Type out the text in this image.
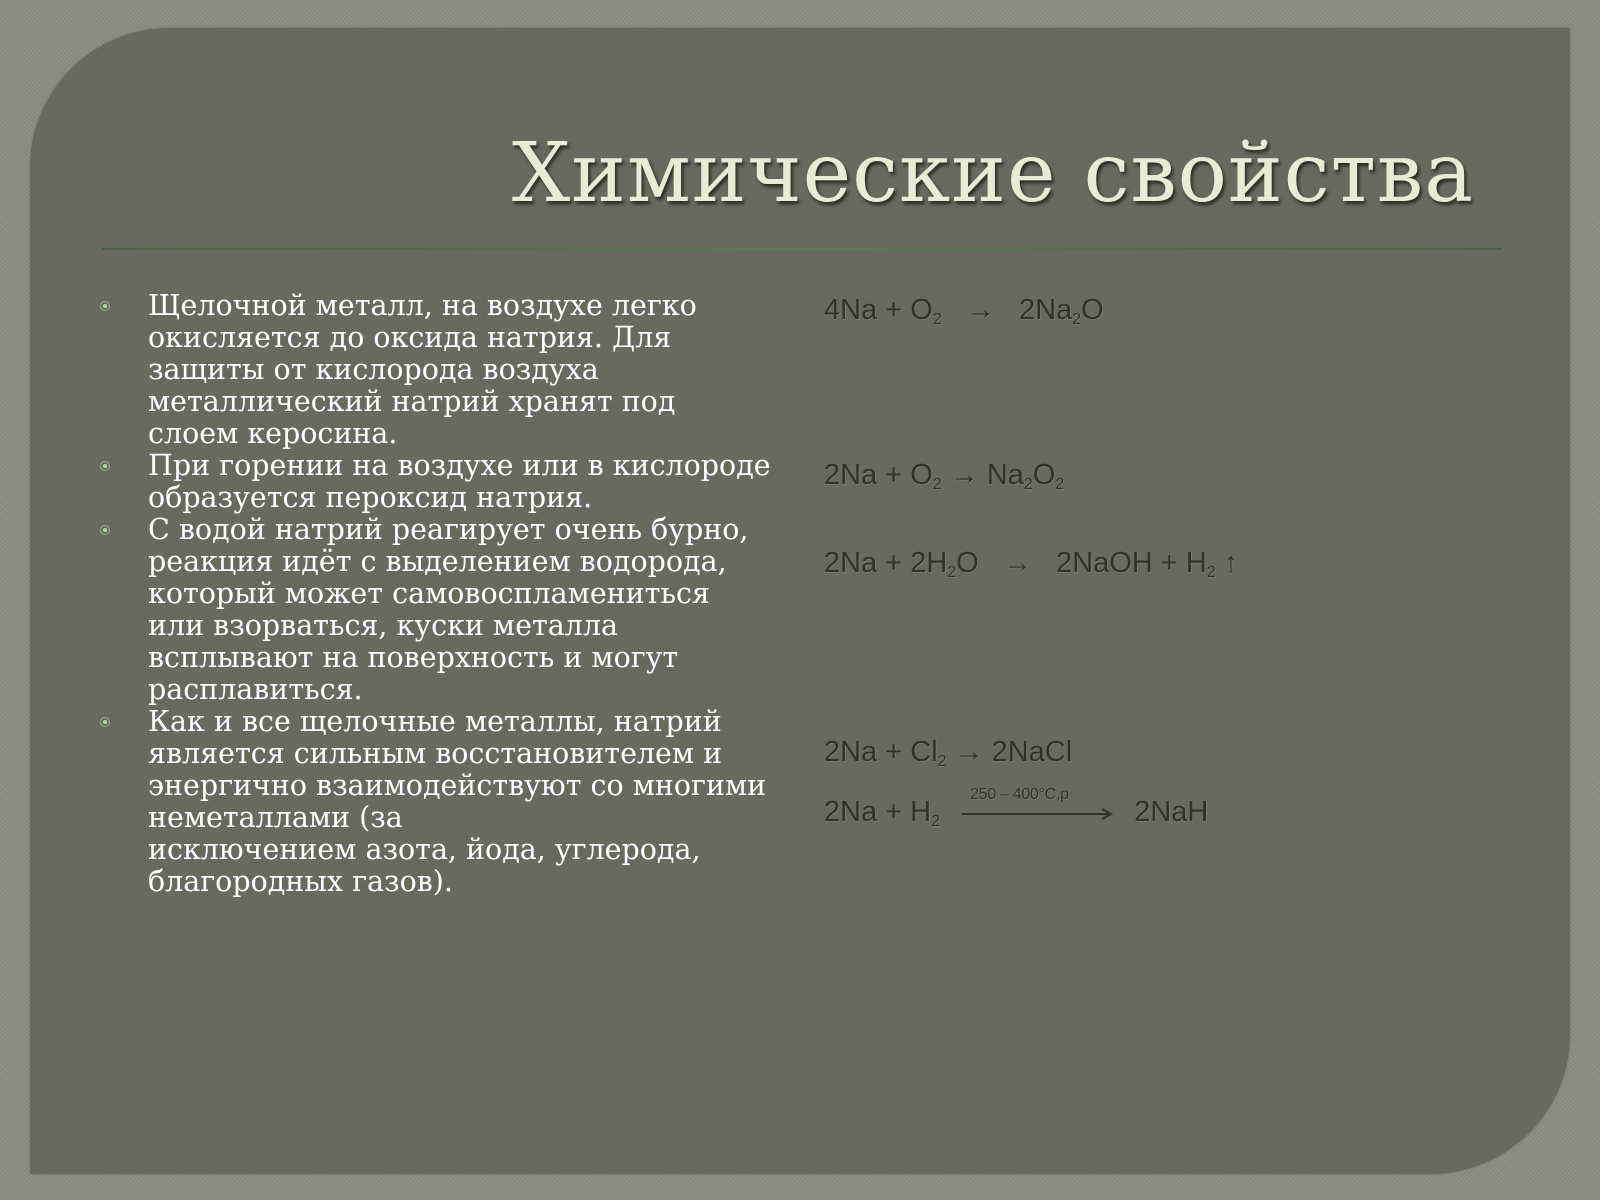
Химические свойства
Щелочной металл, на воздухе легко
окисляется до оксида натрия. Для
защиты от кислорода воздуха
металлический натрий хранят под
слоем керосина.
При горении на воздухе или в кислороде
образуется пероксид натрия.
С водой натрий реагирует очень бурно,
реакция идёт с выделением водорода,
который может самовоспламениться
или взорваться, куски металла
всплывают на поверхность и могут
расплавиться.
Как и все щелочные металлы, натрий
является сильным восстановителем и
энергично взаимодействуют со многими
неметаллами (за
исключением азота, йода, углерода,
благородных газов).
$4Na + O_2 \to 2Na_2O$
$2Na + O_2 \to Na_2O_2$
$2Na + 2H_2O$ → 2NaOH + $H_2$ ↑
$2Na + Cl_2$ → 2NaCl
$2Na + H_2$
250 – 400°C,p
2NaH
